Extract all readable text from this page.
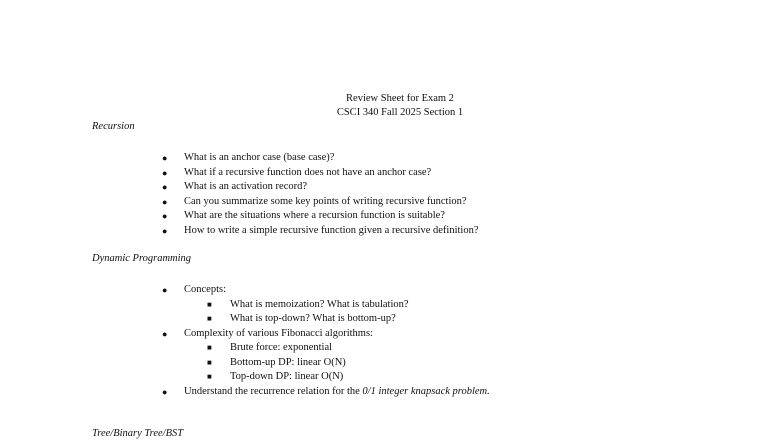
Review Sheet for Exam 2
CSCI 340 Fall 2025 Section 1
Recursion
● What is an anchor case (base case)?
● What if a recursive function does not have an anchor case?
● What is an activation record?
● Can you summarize some key points of writing recursive function?
● What are the situations where a recursion function is suitable?
● How to write a simple recursive function given a recursive definition?
Dynamic Programming
● Concepts:
■ What is memoization? What is tabulation?
■ What is top-down? What is bottom-up?
● Complexity of various Fibonacci algorithms:
■ Brute force: exponential
■ Bottom-up DP: linear O(N)
■ Top-down DP: linear O(N)
● Understand the recurrence relation for the 0/1 integer knapsack problem.
Tree/Binary Tree/BST
